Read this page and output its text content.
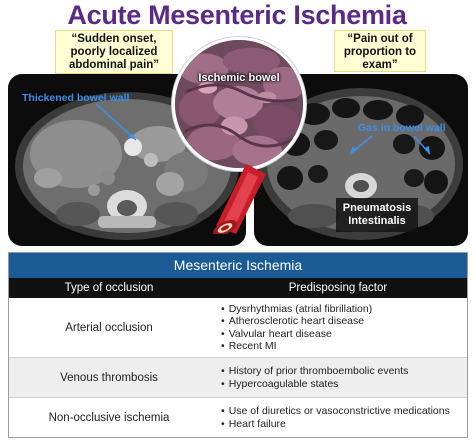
Acute Mesenteric Ischemia
“Sudden onset, poorly localized abdominal pain”
“Pain out of proportion to exam”
Thickened bowel wall
Gas in bowel wall
Pneumatosis Intestinalis
Ischemic bowel
Mesenteric Ischemia
Type of occlusion	Predisposing factor
Arterial occlusion
• Dysrhythmias (atrial fibrillation)
• Atherosclerotic heart disease
• Valvular heart disease
• Recent MI
Venous thrombosis
• History of prior thromboembolic events
• Hypercoagulable states
Non-occlusive ischemia
• Use of diuretics or vasoconstrictive medications
• Heart failure
